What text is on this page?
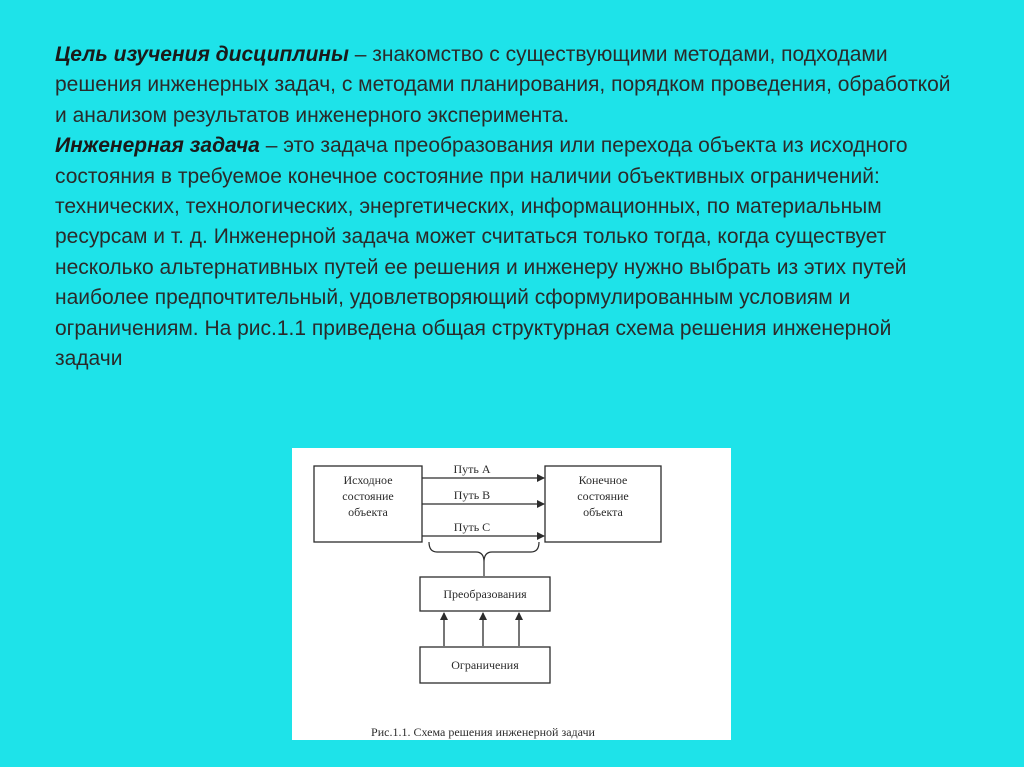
Цель изучения дисциплины – знакомство с существующими методами, подходами решения инженерных задач, с методами планирования, порядком проведения, обработкой и анализом результатов инженерного эксперимента.

Инженерная задача – это задача преобразования или перехода объекта из исходного состояния в требуемое конечное состояние при наличии объективных ограничений: технических, технологических, энергетических, информационных, по материальным ресурсам и т. д. Инженерной задача может считаться только тогда, когда существует несколько альтернативных путей ее решения и инженеру нужно выбрать из этих путей наиболее предпочтительный, удовлетворяющий сформулированным условиям и ограничениям. На рис.1.1 приведена общая структурная схема решения инженерной задачи

Исходное
состояние
объекта
Конечное
состояние
объекта
Путь А
Путь В
Путь С
Преобразования
Ограничения
Рис.1.1. Схема решения инженерной задачи
